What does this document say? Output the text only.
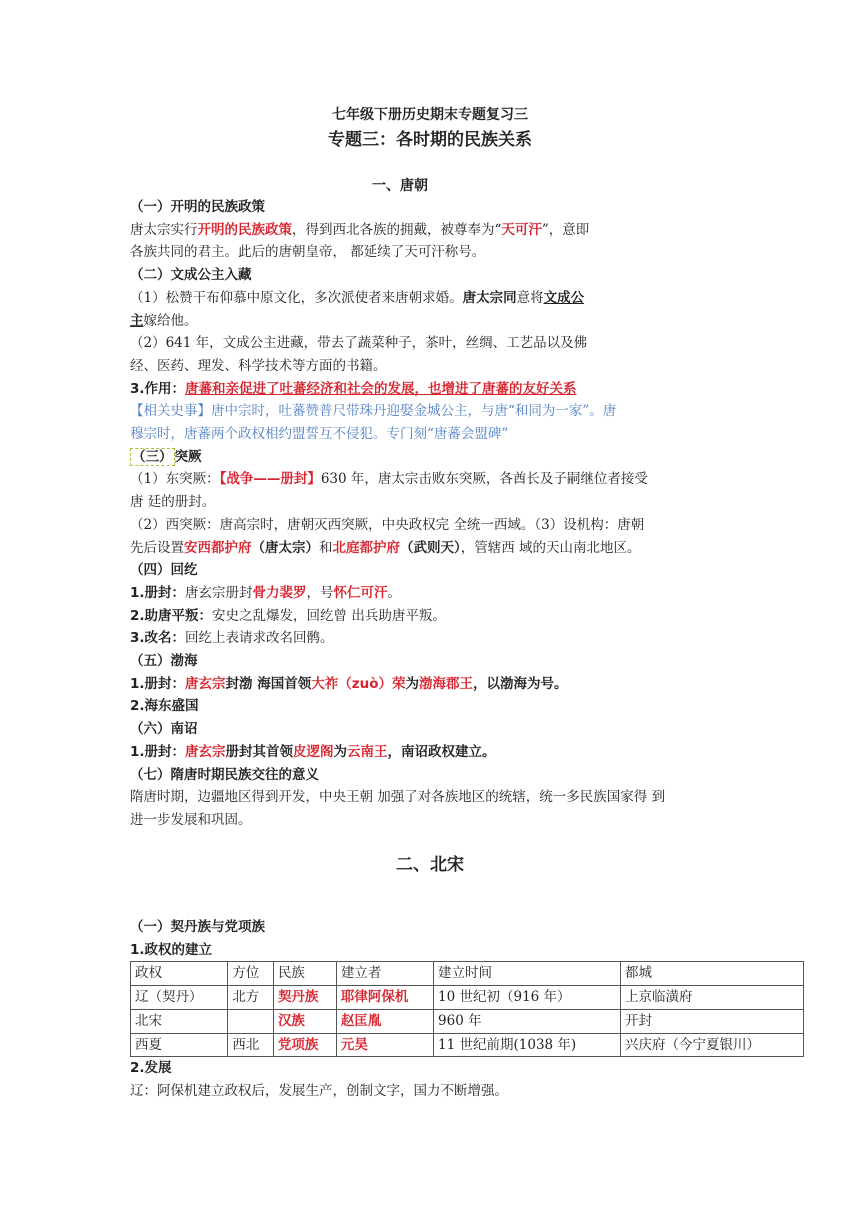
七年级下册历史期末专题复习三
专题三：各时期的民族关系
一、唐朝

（一）开明的民族政策

唐太宗实行开明的民族政策，得到西北各族的拥戴，被尊奉为“天可汗”，意即

各族共同的君主。此后的唐朝皇帝， 都延续了天可汗称号。

（二）文成公主入藏

（1）松赞干布仰慕中原文化，多次派使者来唐朝求婚。唐太宗同意将文成公

主嫁给他。

（2）641 年，文成公主进藏，带去了蔬菜种子，茶叶，丝绸、工艺品以及佛

经、医药、理发、科学技术等方面的书籍。

3.作用：唐蕃和亲促进了吐蕃经济和社会的发展，也增进了唐蕃的友好关系

【相关史事】唐中宗时，吐蕃赞普尺带珠丹迎娶金城公主，与唐“和同为一家”。唐

穆宗时，唐蕃两个政权相约盟誓互不侵犯。专门刻“唐蕃会盟碑”

（三） 突厥

（1）东突厥：【战争——册封】630 年，唐太宗击败东突厥，各酋长及子嗣继位者接受

唐 廷的册封。

（2）西突厥：唐高宗时，唐朝灭西突厥，中央政权完 全统一西域。（3）设机构：唐朝

先后设置安西都护府（唐太宗）和北庭都护府（武则天），管辖西 域的天山南北地区。

（四）回纥

1.册封：唐玄宗册封骨力裴罗，号怀仁可汗。

2.助唐平叛：安史之乱爆发，回纥曾 出兵助唐平叛。

3.改名：回纥上表请求改名回鹘。

（五）渤海

1.册封：唐玄宗封渤 海国首领大祚（zuò）荣为渤海郡王，以渤海为号。

2.海东盛国

（六）南诏

1.册封：唐玄宗册封其首领皮逻阁为云南王，南诏政权建立。

（七）隋唐时期民族交往的意义

隋唐时期，边疆地区得到开发，中央王朝 加强了对各族地区的统辖，统一多民族国家得 到

进一步发展和巩固。

二、北宋

（一）契丹族与党项族

1.政权的建立

政权	方位	民族	建立者	建立时间	都城
辽（契丹）	北方	契丹族	耶律阿保机	10 世纪初（916 年）	上京临潢府
北宋		汉族	赵匡胤	960 年	开封
西夏	西北	党项族	元昊	11 世纪前期(1038 年)	兴庆府（今宁夏银川）

2.发展

辽：阿保机建立政权后，发展生产，创制文字，国力不断增强。
